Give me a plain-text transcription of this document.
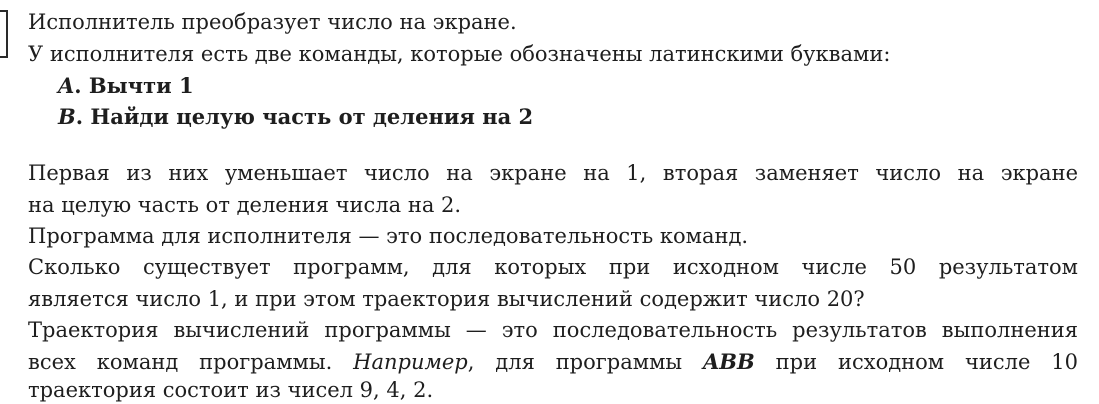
Исполнитель преобразует число на экране.
У исполнителя есть две команды, которые обозначены латинскими буквами:
A. Вычти 1
B. Найди целую часть от деления на 2
Первая из них уменьшает число на экране на 1, вторая заменяет число на экране
на целую часть от деления числа на 2.
Программа для исполнителя — это последовательность команд.
Сколько существует программ, для которых при исходном числе 50 результатом
является число 1, и при этом траектория вычислений содержит число 20?
Траектория вычислений программы — это последовательность результатов выполнения
всех команд программы. Например, для программы ABB при исходном числе 10
траектория состоит из чисел 9, 4, 2.
